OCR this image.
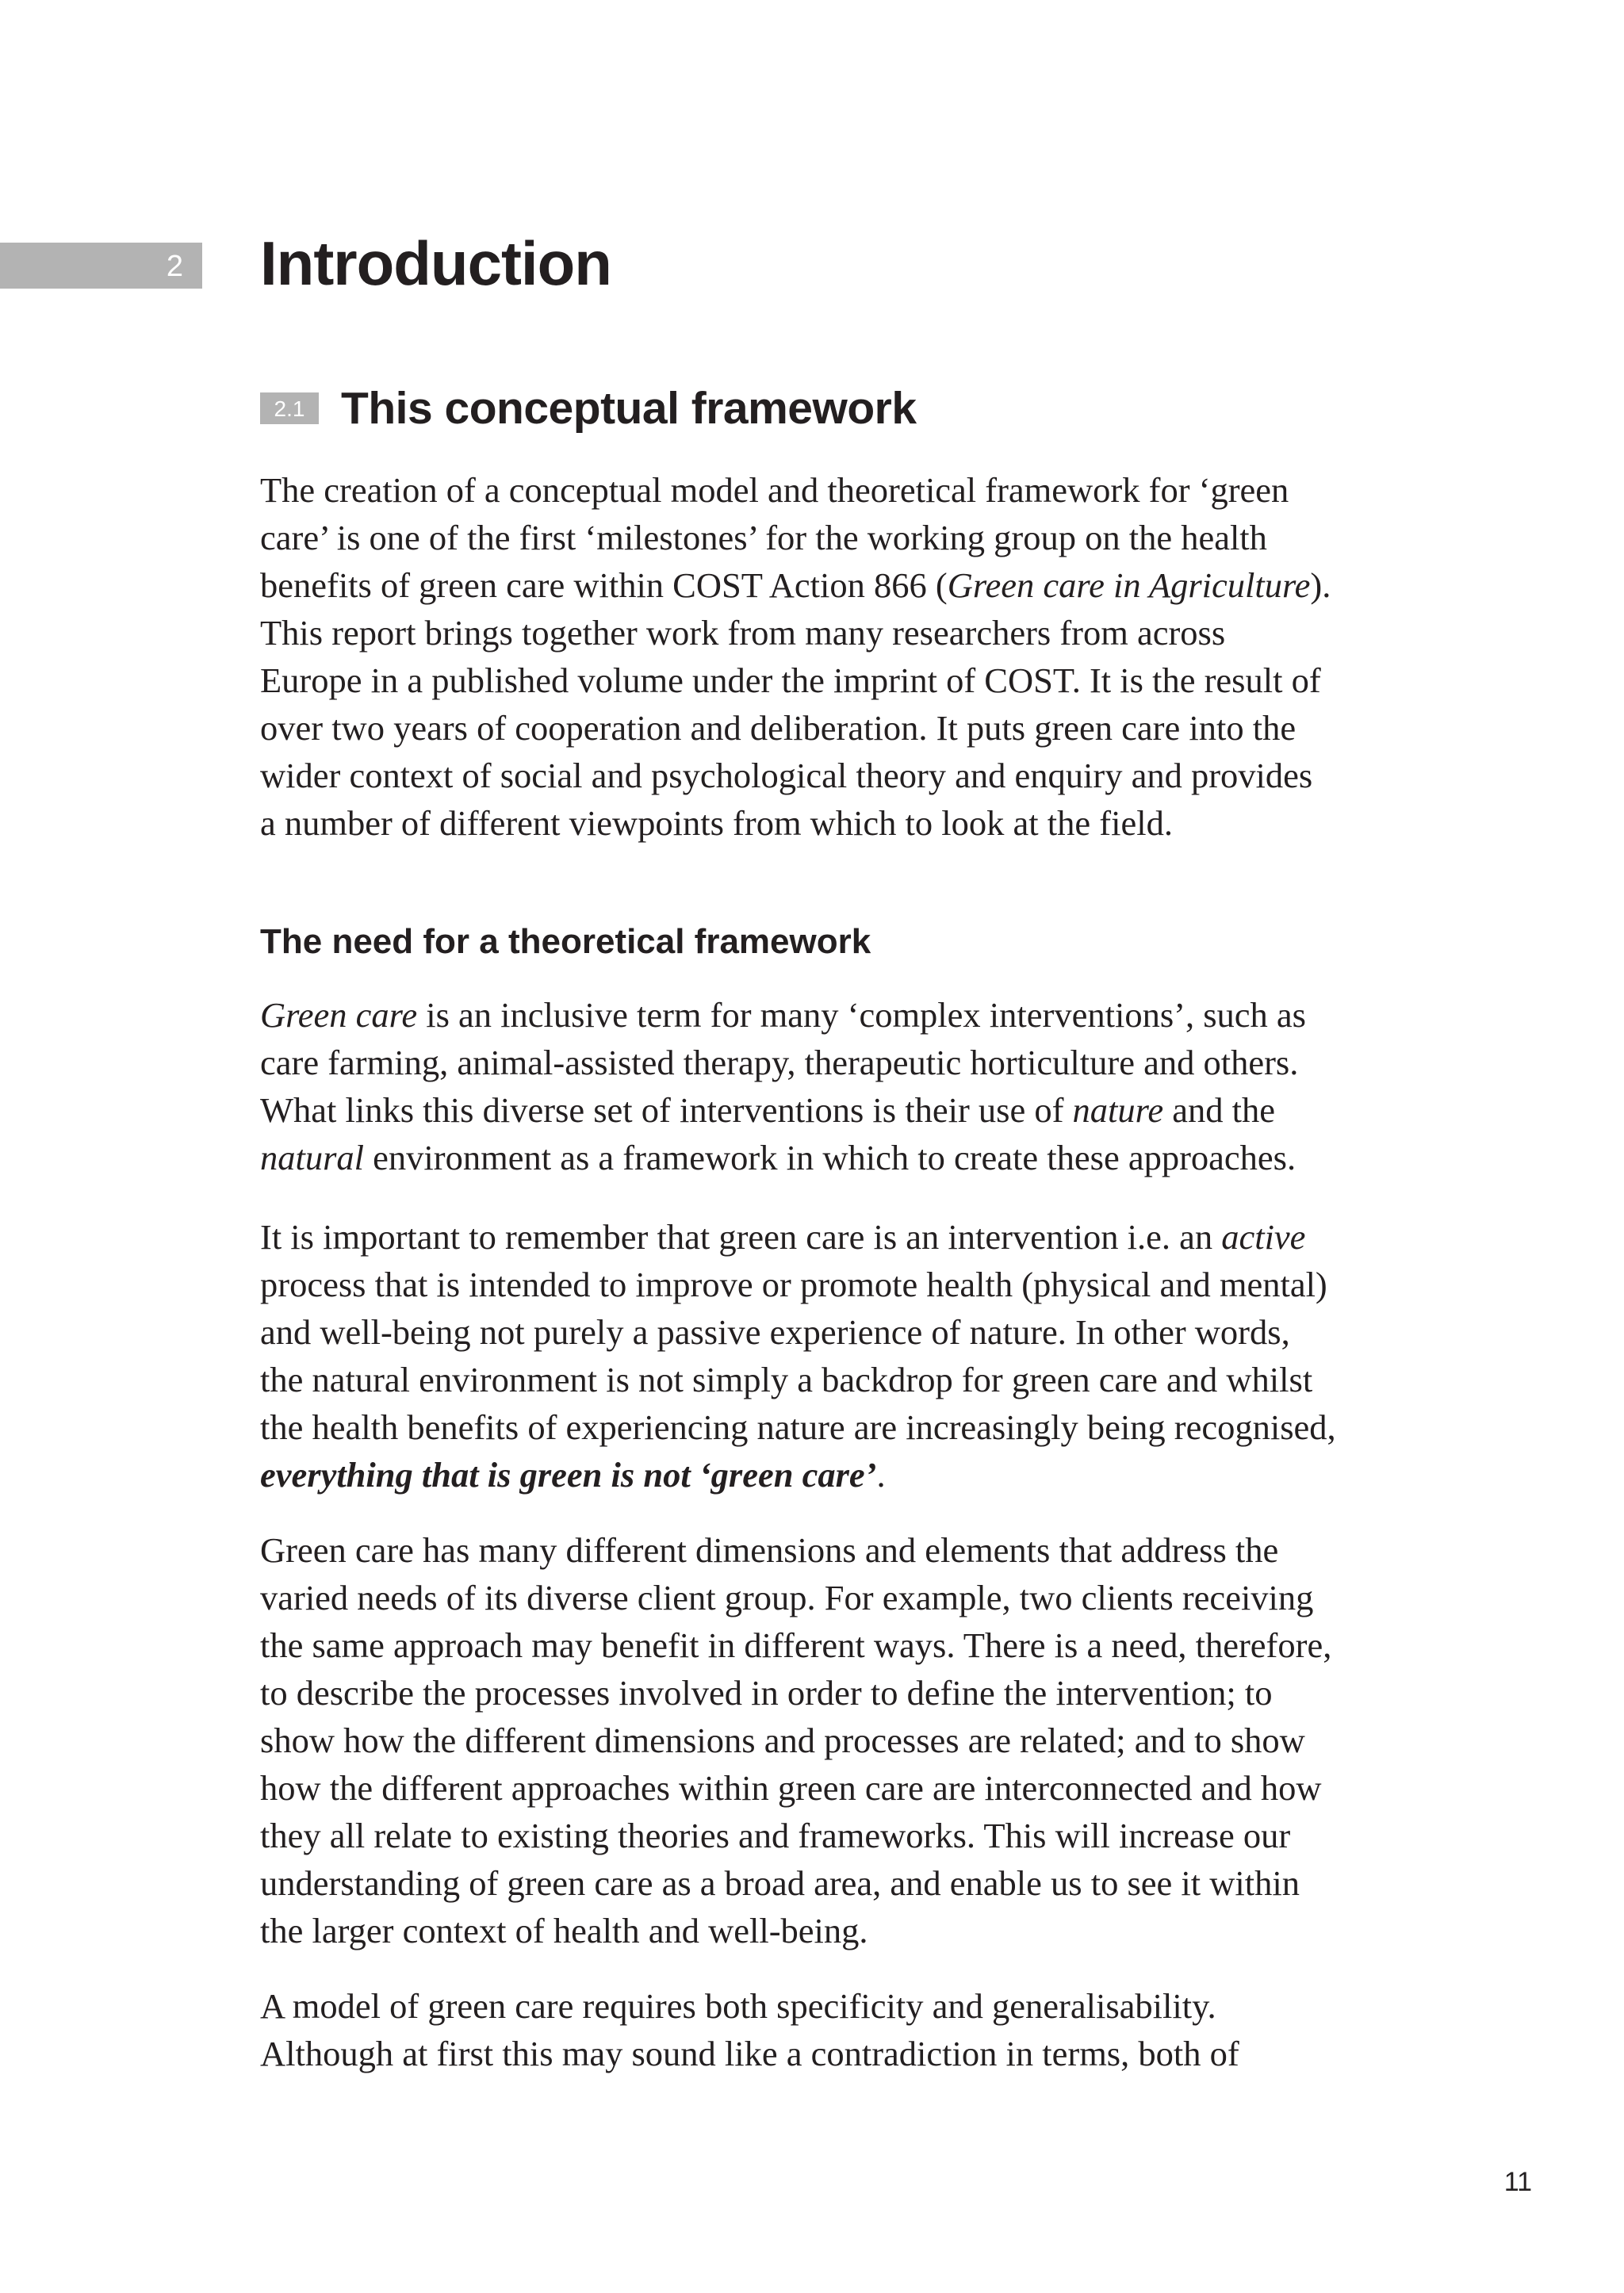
2 Introduction
2.1 This conceptual framework
The creation of a conceptual model and theoretical framework for ‘green
care’ is one of the first ‘milestones’ for the working group on the health
benefits of green care within COST Action 866 (Green care in Agriculture).
This report brings together work from many researchers from across
Europe in a published volume under the imprint of COST. It is the result of
over two years of cooperation and deliberation. It puts green care into the
wider context of social and psychological theory and enquiry and provides
a number of different viewpoints from which to look at the field.
The need for a theoretical framework
Green care is an inclusive term for many ‘complex interventions’, such as
care farming, animal-assisted therapy, therapeutic horticulture and others.
What links this diverse set of interventions is their use of nature and the
natural environment as a framework in which to create these approaches.
It is important to remember that green care is an intervention i.e. an active
process that is intended to improve or promote health (physical and mental)
and well-being not purely a passive experience of nature. In other words,
the natural environment is not simply a backdrop for green care and whilst
the health benefits of experiencing nature are increasingly being recognised,
everything that is green is not ‘green care’.
Green care has many different dimensions and elements that address the
varied needs of its diverse client group. For example, two clients receiving
the same approach may benefit in different ways. There is a need, therefore,
to describe the processes involved in order to define the intervention; to
show how the different dimensions and processes are related; and to show
how the different approaches within green care are interconnected and how
they all relate to existing theories and frameworks. This will increase our
understanding of green care as a broad area, and enable us to see it within
the larger context of health and well-being.
A model of green care requires both specificity and generalisability.
Although at first this may sound like a contradiction in terms, both of
11
